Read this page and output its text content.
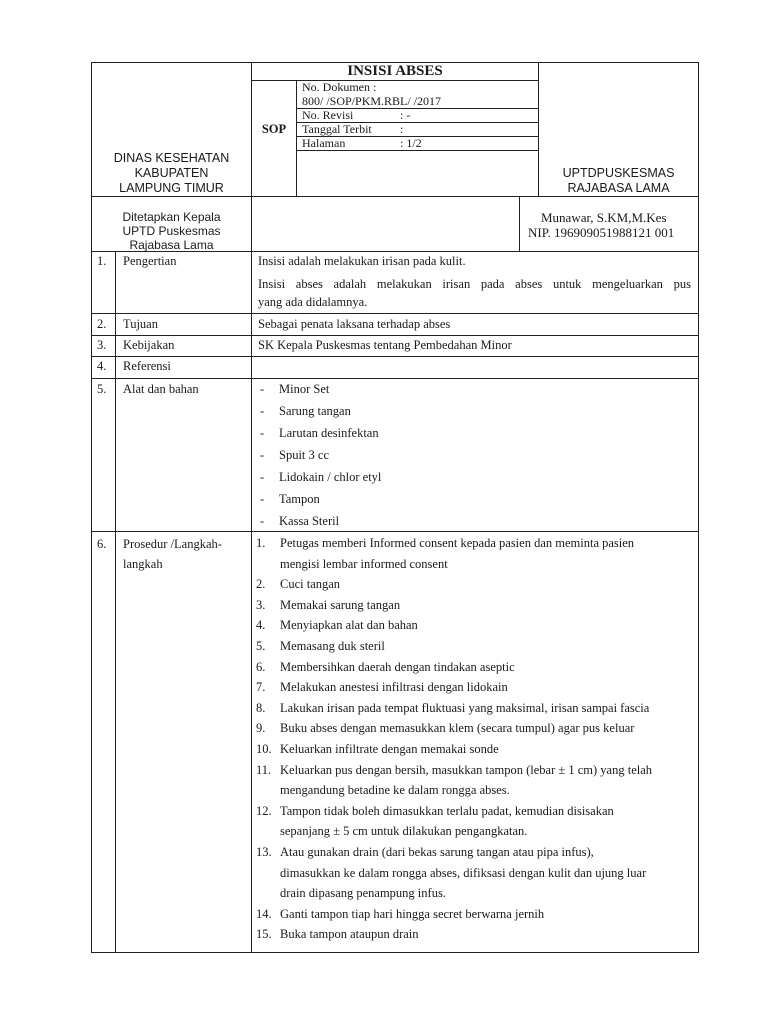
INSISI ABSES
SOP
DINAS KESEHATAN
KABUPATEN
LAMPUNG TIMUR
UPTDPUSKESMAS
RAJABASA LAMA
No. Dokumen :
800/ /SOP/PKM.RBL/ /2017
No. Revisi	: -
Tanggal Terbit :
Halaman	: 1/2
Ditetapkan Kepala
UPTD Puskesmas
Rajabasa Lama
Munawar, S.KM,M.Kes
NIP. 196909051988121 001
1.
2.
3.
4.
5.
6.
Pengertian
Tujuan
Kebijakan
Referensi
Alat dan bahan
Prosedur /Langkah-
langkah
Insisi adalah melakukan irisan pada kulit.
Insisi abses adalah melakukan irisan pada abses untuk mengeluarkan pus
yang ada didalamnya.
Sebagai penata laksana terhadap abses
SK Kepala Puskesmas tentang Pembedahan Minor
- Minor Set
- Sarung tangan
- Larutan desinfektan
- Spuit 3 cc
- Lidokain / chlor etyl
- Tampon
- Kassa Steril
1. Petugas memberi Informed consent kepada pasien dan meminta pasien
mengisi lembar informed consent
2. Cuci tangan
3. Memakai sarung tangan
4. Menyiapkan alat dan bahan
5. Memasang duk steril
6. Membersihkan daerah dengan tindakan aseptic
7. Melakukan anestesi infiltrasi dengan lidokain
8. Lakukan irisan pada tempat fluktuasi yang maksimal, irisan sampai fascia
9. Buku abses dengan memasukkan klem (secara tumpul) agar pus keluar
10. Keluarkan infiltrate dengan memakai sonde
11. Keluarkan pus dengan bersih, masukkan tampon (lebar ± 1 cm) yang telah
mengandung betadine ke dalam rongga abses.
12. Tampon tidak boleh dimasukkan terlalu padat, kemudian disisakan
sepanjang ± 5 cm untuk dilakukan pengangkatan.
13. Atau gunakan drain (dari bekas sarung tangan atau pipa infus),
dimasukkan ke dalam rongga abses, difiksasi dengan kulit dan ujung luar
drain dipasang penampung infus.
14. Ganti tampon tiap hari hingga secret berwarna jernih
15. Buka tampon ataupun drain
